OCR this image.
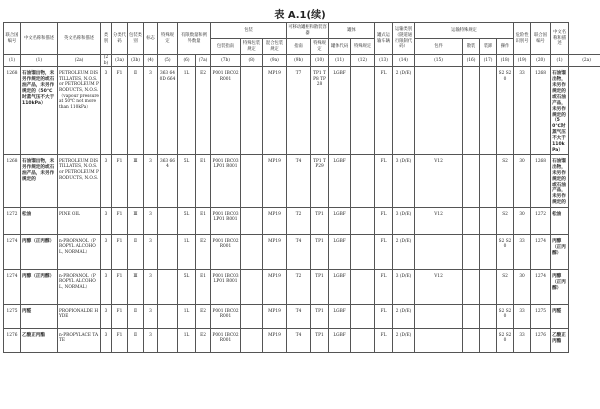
表 A.1(续)
联合国编号	中文名称和描述	英文名称和描述	类别	分类代码	包装类别	标志	特殊规定	有限数量和例外数量		包装			可移动罐柜和散装容器		罐体		罐式运输车辆	运输类别（隧道通行限制代码）	运输特殊规定				危险性识别号	联合国编号	中文名称和描述	
										包装指南	特殊包装规定	混合包装规定	指南	特殊规定	罐体代码	特殊规定			包件	散装	装卸	操作				

(1)	(1)	(2a)	(2b)	(3a)	(3b)	(4)	(5)	(6)	(7a)	(7b)	(8)	(9a)	(9b)	(10)	(11)	(12)	(13)	(14)	(15)	(16)	(17)	(18)	(19)	(20)	(1)	(2a)
1268	石油馏出物，未另作规定的或石油产品，未另作规定的（50℃时蒸气压不大于110kPa）	PETROLEUM DISTILLATES, N.O.S. or PETROLEUM PRODUCTS, N.O.S.（vapour pressure at 50℃ not more than 110kPa）	3	F1	Ⅱ	3	363 640D 664	1L	E2	P001 IBC02 R001		MP19	T7	TP1 TP8 TP28	LGBF		FL	2 (D/E)				S2 S20	33	1268	石油馏出物，未另作规定的或石油产品，未另作规定的（50℃时蒸气压不大于110kPa）	
1268	石油馏出物，未另作规定的或石油产品，未另作规定的	PETROLEUM DISTILLATES, N.O.S. or PETROLEUM PRODUCTS, N.O.S.	3	F1	Ⅲ	3	363 664	5L	E1	P001 IBC03 LP01 R001		MP19	T4	TP1 TP29	LGBF		FL	3 (D/E)	V12			S2	30	1268	石油馏出物，未另作规定的或石油产品，未另作规定的	
1272	松油	PINE OIL	3	F1	Ⅲ	3		5L	E1	P001 IBC03 LP01 R001		MP19	T2	TP1	LGBF		FL	3 (D/E)	V12			S2	30	1272	松油	
1274	丙醇（正丙醇）	n-PROPANOL（PROPYL ALCOHOL, NORMAL）	3	F1	Ⅱ	3		1L	E2	P001 IBC02 R001		MP19	T4	TP1	LGBF		FL	2 (D/E)				S2 S20	33	1274	丙醇（正丙醇）	
1274	丙醇（正丙醇）	n-PROPANOL（PROPYL ALCOHOL, NORMAL）	3	F1	Ⅲ	3		5L	E1	P001 IBC03 LP01 R001		MP19	T2	TP1	LGBF		FL	3 (D/E)	V12			S2	30	1274	丙醇（正丙醇）	
1275	丙醛	PROPIONALDE HYDE	3	F1	Ⅱ	3		1L	E2	P001 IBC02 R001		MP19	T4	TP1	LGBF		FL	2 (D/E)				S2 S20	33	1275	丙醛	
1276	乙酸正丙酯	n-PROPYLACE TATE	3	F1	Ⅱ	3		1L	E2	P001 IBC02 R001		MP19	T4	TP1	LGBF		FL	2 (D/E)				S2 S20	33	1276	乙酸正丙酯	
